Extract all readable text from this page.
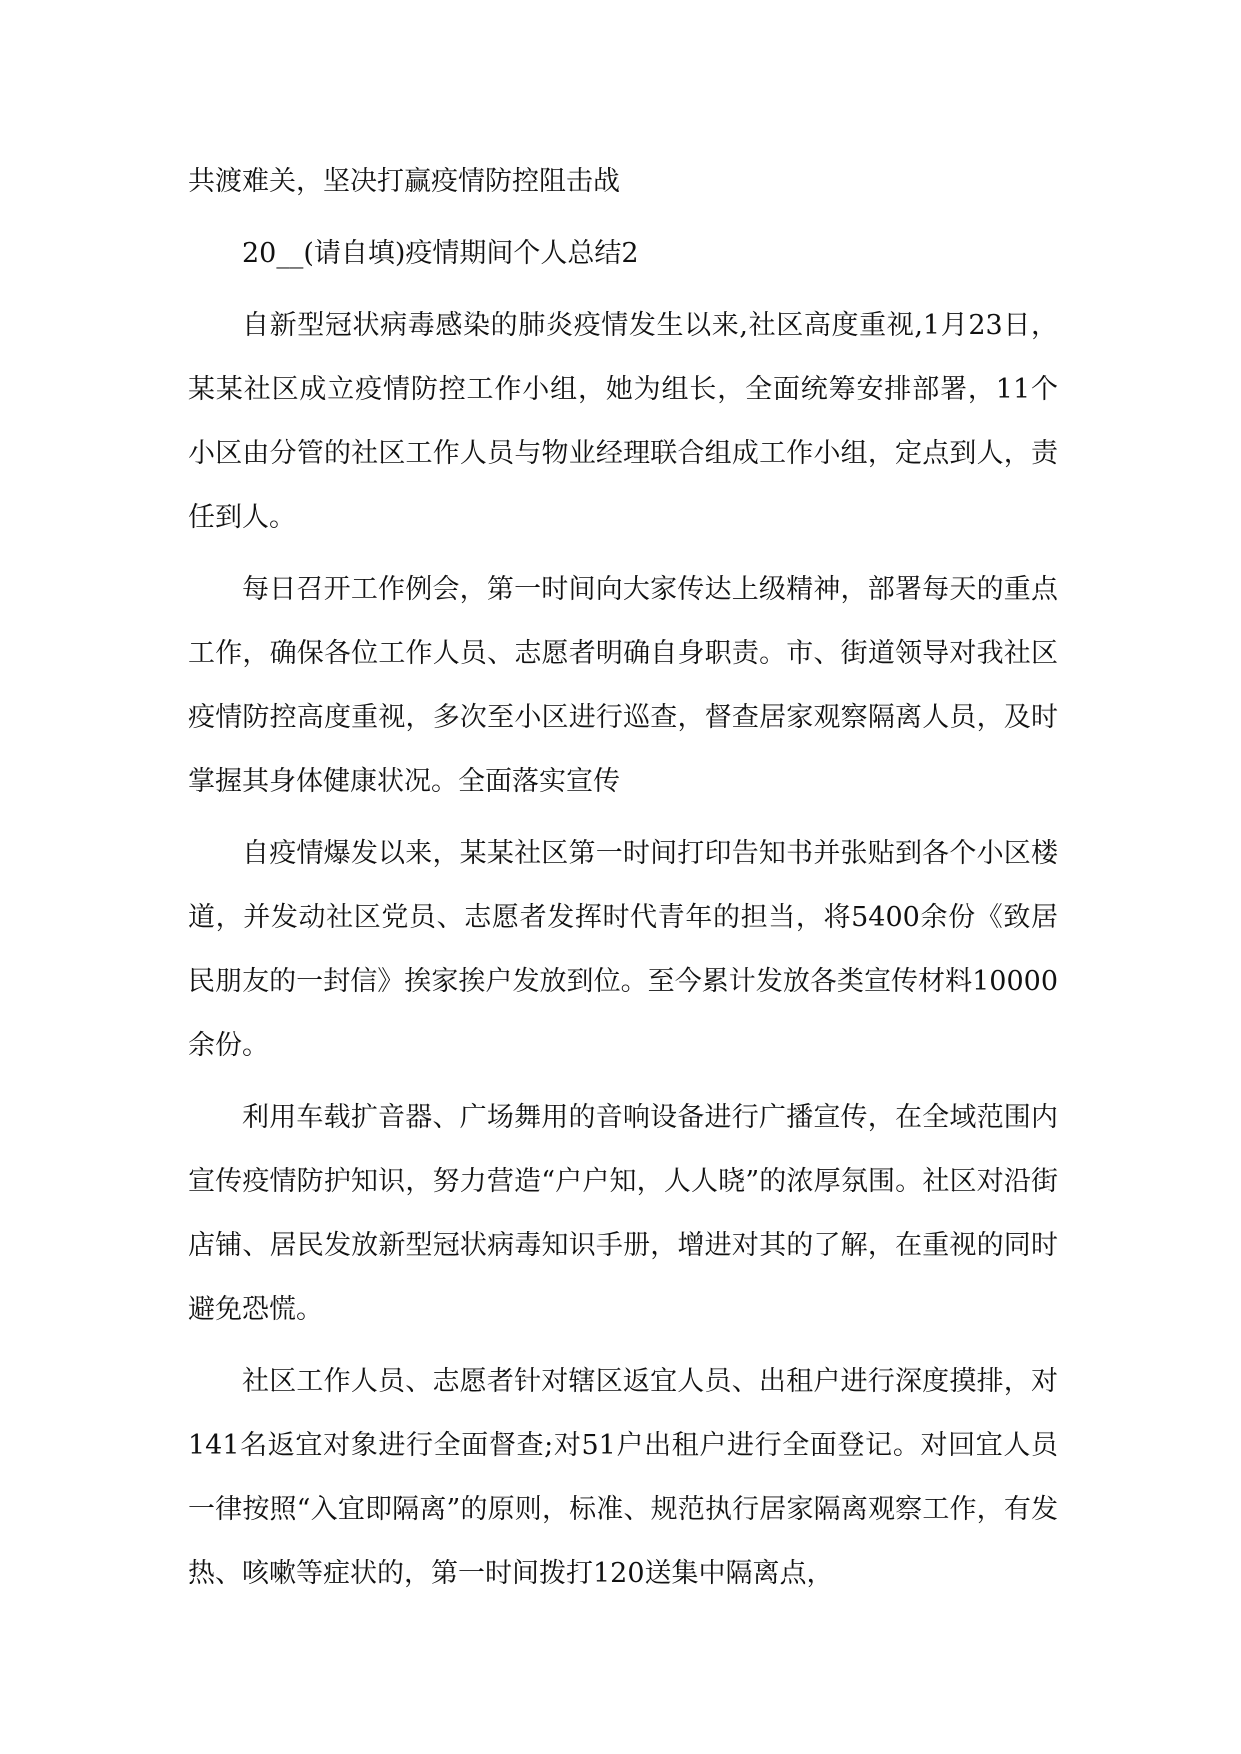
共渡难关，坚决打赢疫情防控阻击战

20__(请自填)疫情期间个人总结2

自新型冠状病毒感染的肺炎疫情发生以来,社区高度重视,1月23日，某某社区成立疫情防控工作小组，她为组长，全面统筹安排部署，11个小区由分管的社区工作人员与物业经理联合组成工作小组，定点到人，责任到人。

每日召开工作例会，第一时间向大家传达上级精神，部署每天的重点工作，确保各位工作人员、志愿者明确自身职责。市、街道领导对我社区疫情防控高度重视，多次至小区进行巡查，督查居家观察隔离人员，及时掌握其身体健康状况。全面落实宣传

自疫情爆发以来，某某社区第一时间打印告知书并张贴到各个小区楼道，并发动社区党员、志愿者发挥时代青年的担当，将5400余份《致居民朋友的一封信》挨家挨户发放到位。至今累计发放各类宣传材料10000余份。

利用车载扩音器、广场舞用的音响设备进行广播宣传，在全域范围内宣传疫情防护知识，努力营造“户户知，人人晓”的浓厚氛围。社区对沿街店铺、居民发放新型冠状病毒知识手册，增进对其的了解，在重视的同时避免恐慌。

社区工作人员、志愿者针对辖区返宜人员、出租户进行深度摸排，对141名返宜对象进行全面督查;对51户出租户进行全面登记。对回宜人员一律按照“入宜即隔离”的原则，标准、规范执行居家隔离观察工作，有发热、咳嗽等症状的，第一时间拨打120送集中隔离点，
